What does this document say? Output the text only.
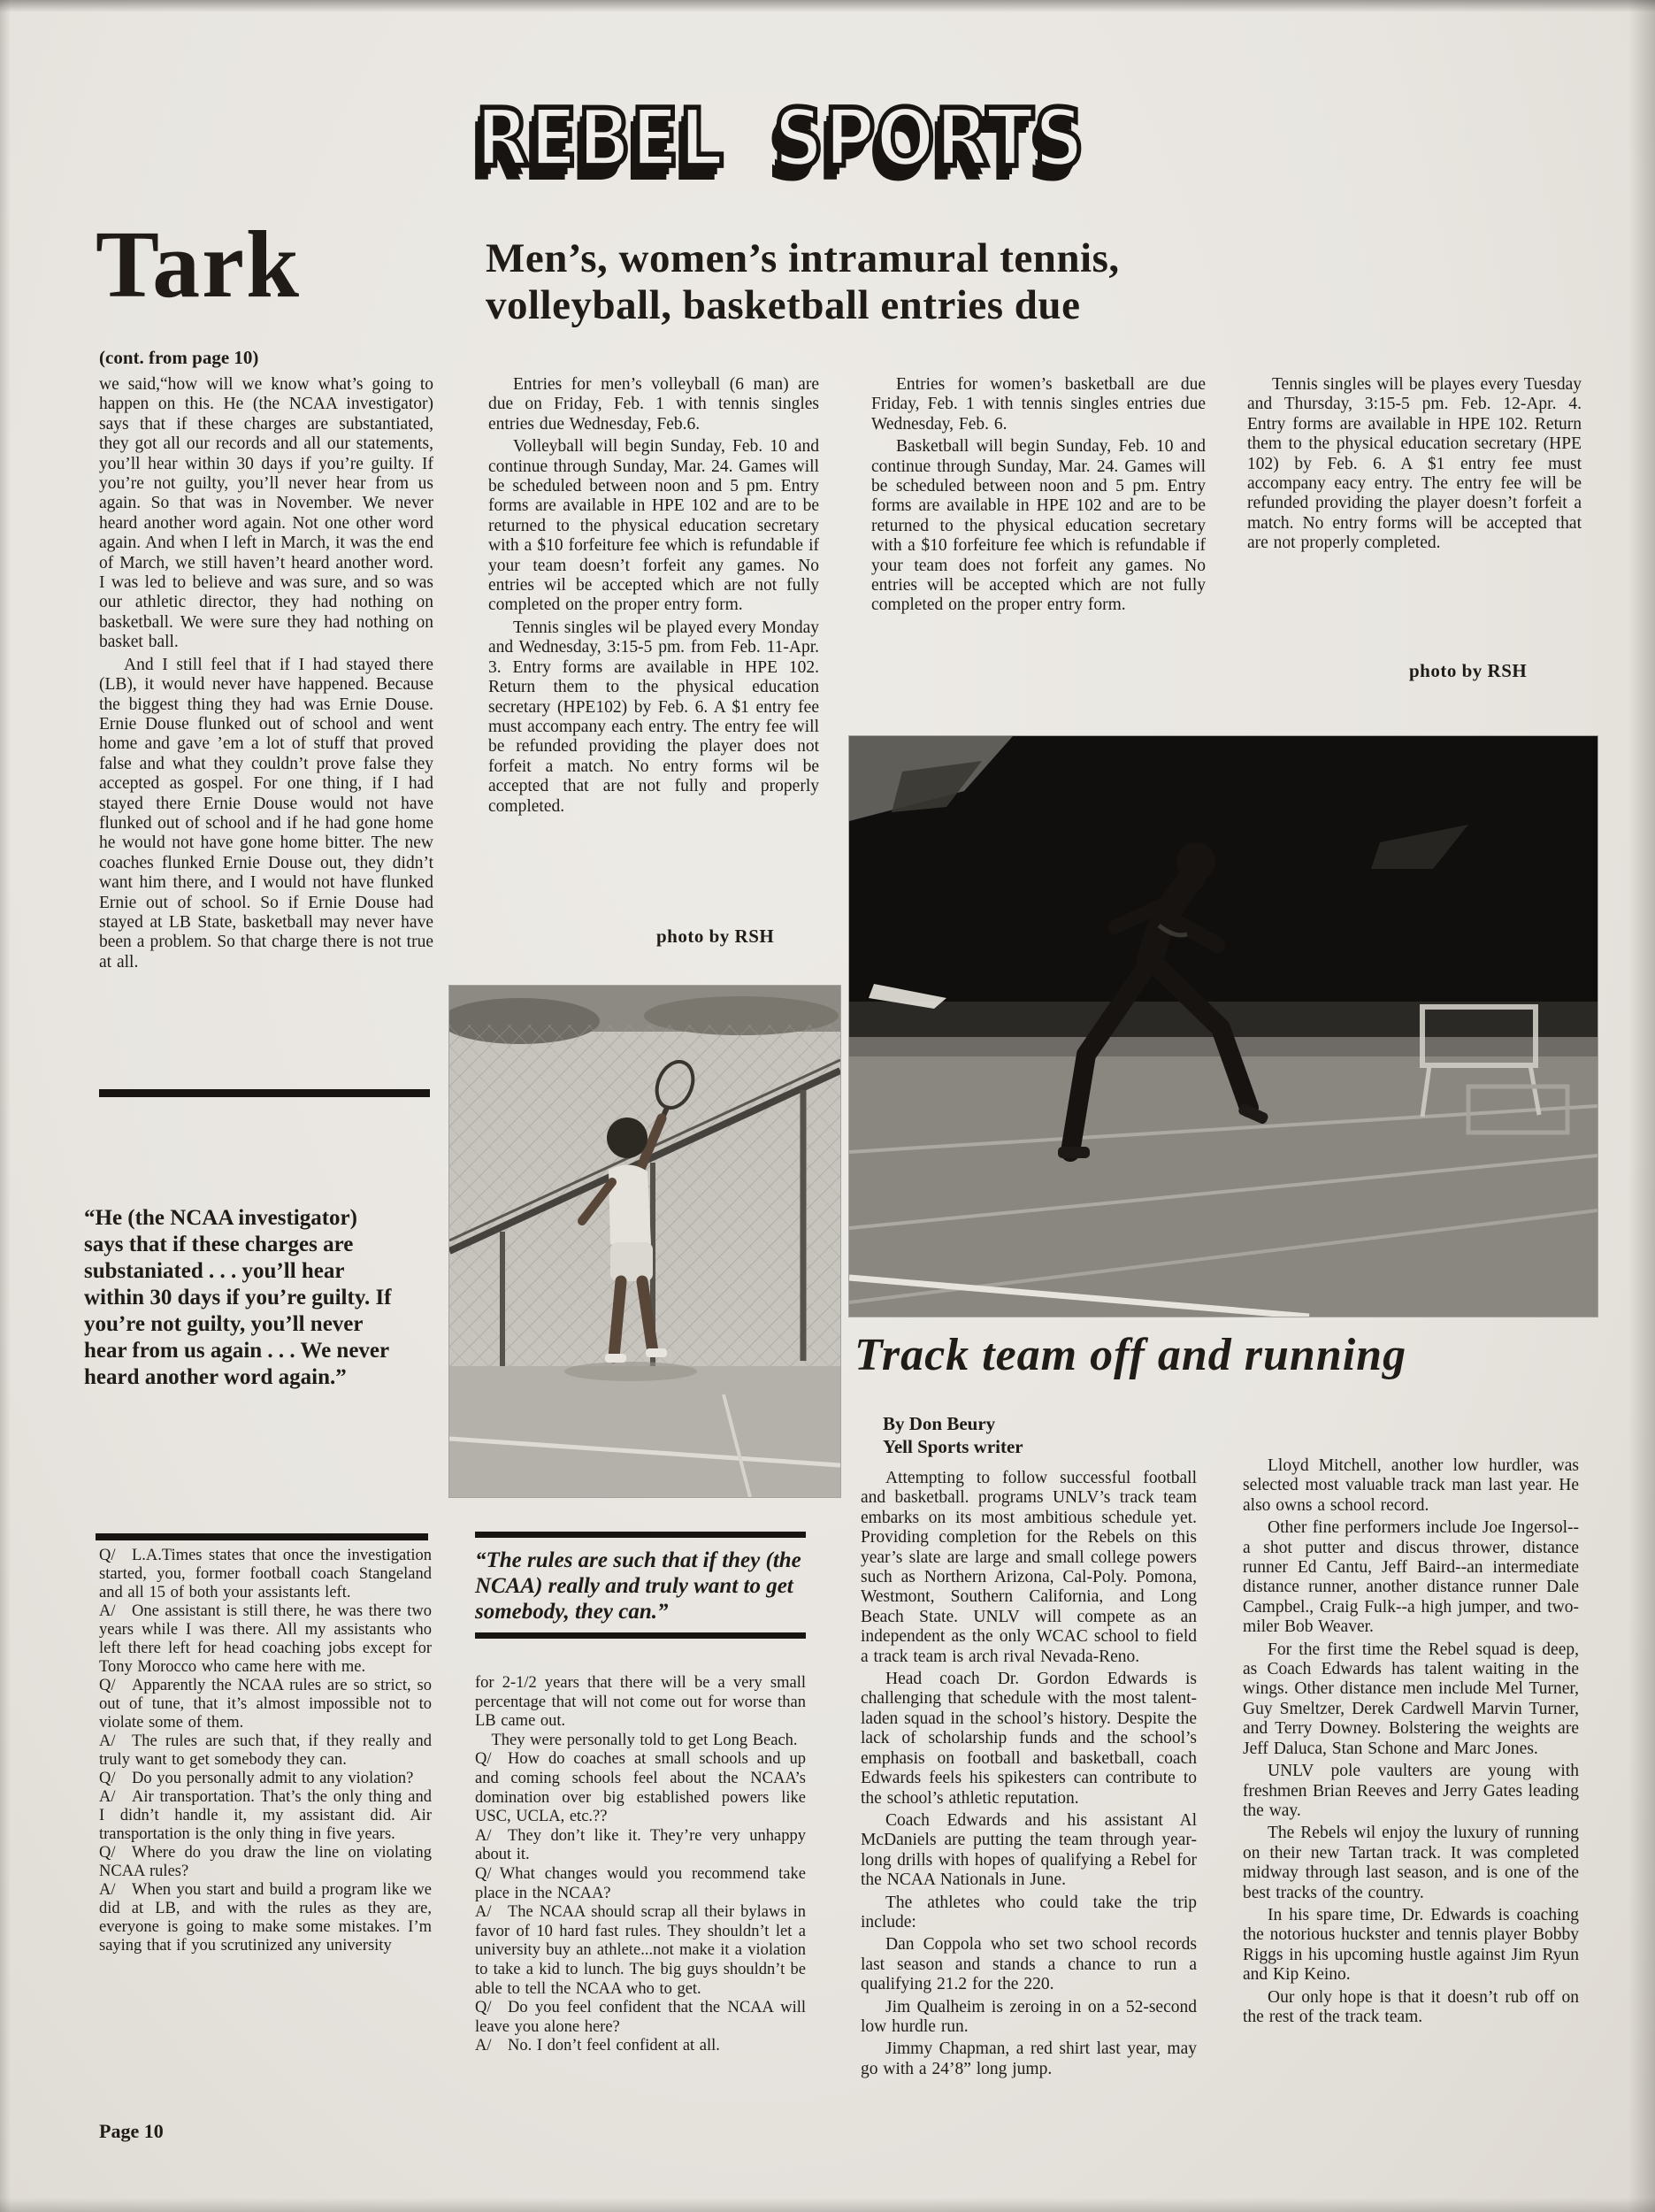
REBEL SPORTS
Tark
(cont. from page 10)

we said,“how will we know what’s going to happen on this. He (the NCAA investigator) says that if these charges are substantiated, they got all our records and all our statements, you’ll hear within 30 days if you’re guilty. If you’re not guilty, you’ll never hear from us again. So that was in November. We never heard another word again. Not one other word again. And when I left in March, it was the end of March, we still haven’t heard another word. I was led to believe and was sure, and so was our athletic director, they had nothing on basketball. We were sure they had nothing on basket ball.

And I still feel that if I had stayed there (LB), it would never have happened. Because the biggest thing they had was Ernie Douse. Ernie Douse flunked out of school and went home and gave ’em a lot of stuff that proved false and what they couldn’t prove false they accepted as gospel. For one thing, if I had stayed there Ernie Douse would not have flunked out of school and if he had gone home he would not have gone home bitter. The new coaches flunked Ernie Douse out, they didn’t want him there, and I would not have flunked Ernie out of school. So if Ernie Douse had stayed at LB State, basketball may never have been a problem. So that charge there is not true at all.

“He (the NCAA investigator) says that if these charges are substaniated . . . you’ll hear within 30 days if you’re guilty. If you’re not guilty, you’ll never hear from us again . . . We never heard another word again.”

Q/  L.A.Times states that once the investigation started, you, former football coach Stangeland and all 15 of both your assistants left.

A/  One assistant is still there, he was there two years while I was there. All my assistants who left there left for head coaching jobs except for Tony Morocco who came here with me.

Q/  Apparently the NCAA rules are so strict, so out of tune, that it’s almost impossible not to violate some of them.

A/  The rules are such that, if they really and truly want to get somebody they can.

Q/  Do you personally admit to any violation?

A/  Air transportation. That’s the only thing and I didn’t handle it, my assistant did. Air transportation is the only thing in five years.

Q/  Where do you draw the line on violating NCAA rules?

A/  When you start and build a program like we did at LB, and with the rules as they are, everyone is going to make some mistakes. I’m saying that if you scrutinized any university

Page 10
Men’s, women’s intramural tennis,
volleyball, basketball entries due

Entries for men’s volleyball (6 man) are due on Friday, Feb. 1 with tennis singles entries due Wednesday, Feb.6.

Volleyball will begin Sunday, Feb. 10 and continue through Sunday, Mar. 24. Games will be scheduled between noon and 5 pm. Entry forms are available in HPE 102 and are to be returned to the physical education secretary with a $10 forfeiture fee which is refundable if your team doesn’t forfeit any games. No entries wil be accepted which are not fully completed on the proper entry form.

Tennis singles wil be played every Monday and Wednesday, 3:15-5 pm. from Feb. 11-Apr. 3. Entry forms are available in HPE 102. Return them to the physical education secretary (HPE102) by Feb. 6. A $1 entry fee must accompany each entry. The entry fee will be refunded providing the player does not forfeit a match. No entry forms wil be accepted that are not fully and properly completed.

Entries for women’s basketball are due Friday, Feb. 1 with tennis singles entries due Wednesday, Feb. 6.

Basketball will begin Sunday, Feb. 10 and continue through Sunday, Mar. 24. Games will be scheduled between noon and 5 pm. Entry forms are available in HPE 102 and are to be returned to the physical education secretary with a $10 forfeiture fee which is refundable if your team does not forfeit any games. No entries will be accepted which are not fully completed on the proper entry form.

Tennis singles will be playes every Tuesday and Thursday, 3:15-5 pm. Feb. 12-Apr. 4. Entry forms are available in HPE 102. Return them to the physical education secretary (HPE 102) by Feb. 6. A $1 entry fee must accompany eacy entry. The entry fee will be refunded providing the player doesn’t forfeit a match. No entry forms will be accepted that are not properly completed.

photo by RSH
photo by RSH
Track team off and running
By Don Beury
Yell Sports writer

Attempting to follow successful football and basketball. programs UNLV’s track team embarks on its most ambitious schedule yet. Providing completion for the Rebels on this year’s slate are large and small college powers such as Northern Arizona, Cal-Poly. Pomona, Westmont, Southern California, and Long Beach State. UNLV will compete as an independent as the only WCAC school to field a track team is arch rival Nevada-Reno.

Head coach Dr. Gordon Edwards is challenging that schedule with the most talent-laden squad in the school’s history. Despite the lack of scholarship funds and the school’s emphasis on football and basketball, coach Edwards feels his spikesters can contribute to the school’s athletic reputation.

Coach Edwards and his assistant Al McDaniels are putting the team through year-long drills with hopes of qualifying a Rebel for the NCAA Nationals in June.

The athletes who could take the trip include:

Dan Coppola who set two school records last season and stands a chance to run a qualifying 21.2 for the 220.

Jim Qualheim is zeroing in on a 52-second low hurdle run.

Jimmy Chapman, a red shirt last year, may go with a 24’8” long jump.

Lloyd Mitchell, another low hurdler, was selected most valuable track man last year. He also owns a school record.

Other fine performers include Joe Ingersol--a shot putter and discus thrower, distance runner Ed Cantu, Jeff Baird--an intermediate distance runner, another distance runner Dale Campbel., Craig Fulk--a high jumper, and two-miler Bob Weaver.

For the first time the Rebel squad is deep, as Coach Edwards has talent waiting in the wings. Other distance men include Mel Turner, Guy Smeltzer, Derek Cardwell Marvin Turner, and Terry Downey. Bolstering the weights are Jeff Daluca, Stan Schone and Marc Jones.

UNLV pole vaulters are young with freshmen Brian Reeves and Jerry Gates leading the way.

The Rebels wil enjoy the luxury of running on their new Tartan track. It was completed midway through last season, and is one of the best tracks of the country.

In his spare time, Dr. Edwards is coaching the notorious huckster and tennis player Bobby Riggs in his upcoming hustle against Jim Ryun and Kip Keino.

Our only hope is that it doesn’t rub off on the rest of the track team.

“The rules are such that if they (the NCAA) really and truly want to get somebody, they can.”

for 2-1/2 years that there will be a very small percentage that will not come out for worse than LB came out.

  They were personally told to get Long Beach.

Q/  How do coaches at small schools and up and coming schools feel about the NCAA’s domination over big established powers like USC, UCLA, etc.??

A/  They don’t like it. They’re very unhappy about it.

Q/ What changes would you recommend take place in the NCAA?

A/  The NCAA should scrap all their bylaws in favor of 10 hard fast rules. They shouldn’t let a university buy an athlete...not make it a violation to take a kid to lunch. The big guys shouldn’t be able to tell the NCAA who to get.

Q/  Do you feel confident that the NCAA will leave you alone here?

A/  No. I don’t feel confident at all.
